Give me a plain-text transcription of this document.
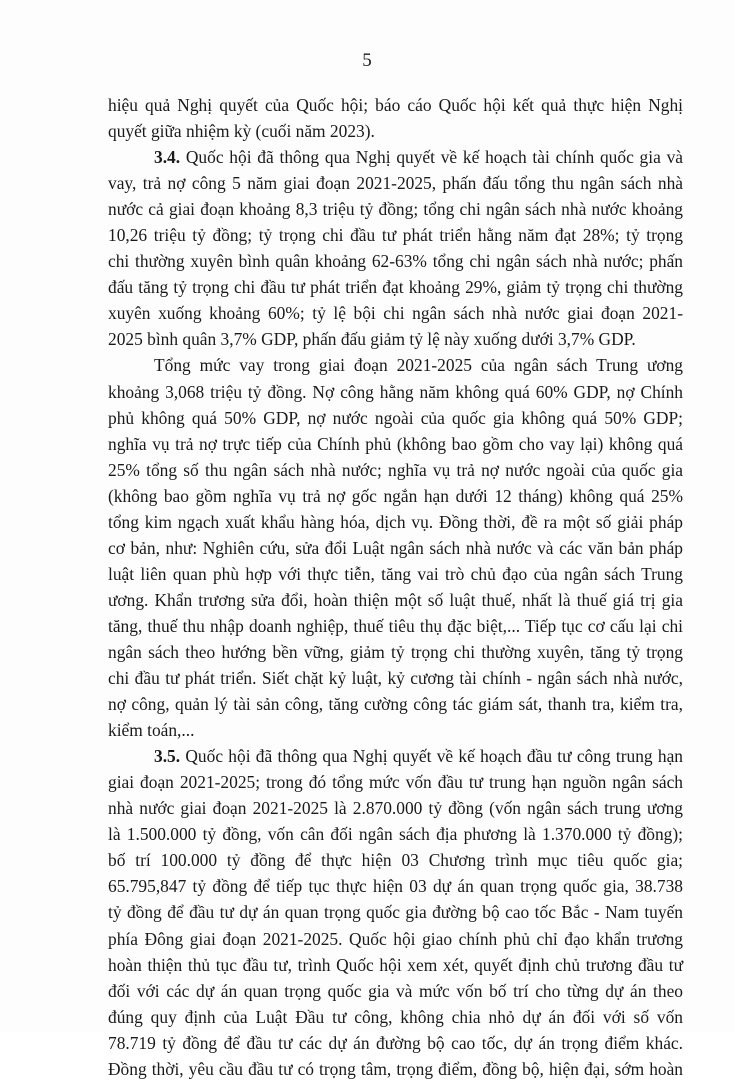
5
hiệu quả Nghị quyết của Quốc hội; báo cáo Quốc hội kết quả thực hiện Nghị
quyết giữa nhiệm kỳ (cuối năm 2023).
3.4. Quốc hội đã thông qua Nghị quyết về kế hoạch tài chính quốc gia và
vay, trả nợ công 5 năm giai đoạn 2021-2025, phấn đấu tổng thu ngân sách nhà
nước cả giai đoạn khoảng 8,3 triệu tỷ đồng; tổng chi ngân sách nhà nước khoảng
10,26 triệu tỷ đồng; tỷ trọng chi đầu tư phát triển hằng năm đạt 28%; tỷ trọng
chi thường xuyên bình quân khoảng 62-63% tổng chi ngân sách nhà nước; phấn
đấu tăng tỷ trọng chi đầu tư phát triển đạt khoảng 29%, giảm tỷ trọng chi thường
xuyên xuống khoảng 60%; tỷ lệ bội chi ngân sách nhà nước giai đoạn 2021-
2025 bình quân 3,7% GDP, phấn đấu giảm tỷ lệ này xuống dưới 3,7% GDP.
Tổng mức vay trong giai đoạn 2021-2025 của ngân sách Trung ương
khoảng 3,068 triệu tỷ đồng. Nợ công hằng năm không quá 60% GDP, nợ Chính
phủ không quá 50% GDP, nợ nước ngoài của quốc gia không quá 50% GDP;
nghĩa vụ trả nợ trực tiếp của Chính phủ (không bao gồm cho vay lại) không quá
25% tổng số thu ngân sách nhà nước; nghĩa vụ trả nợ nước ngoài của quốc gia
(không bao gồm nghĩa vụ trả nợ gốc ngắn hạn dưới 12 tháng) không quá 25%
tổng kim ngạch xuất khẩu hàng hóa, dịch vụ. Đồng thời, đề ra một số giải pháp
cơ bản, như: Nghiên cứu, sửa đổi Luật ngân sách nhà nước và các văn bản pháp
luật liên quan phù hợp với thực tiễn, tăng vai trò chủ đạo của ngân sách Trung
ương. Khẩn trương sửa đổi, hoàn thiện một số luật thuế, nhất là thuế giá trị gia
tăng, thuế thu nhập doanh nghiệp, thuế tiêu thụ đặc biệt,... Tiếp tục cơ cấu lại chi
ngân sách theo hướng bền vững, giảm tỷ trọng chi thường xuyên, tăng tỷ trọng
chi đầu tư phát triển. Siết chặt kỷ luật, kỷ cương tài chính - ngân sách nhà nước,
nợ công, quản lý tài sản công, tăng cường công tác giám sát, thanh tra, kiểm tra,
kiểm toán,...
3.5. Quốc hội đã thông qua Nghị quyết về kế hoạch đầu tư công trung hạn
giai đoạn 2021-2025; trong đó tổng mức vốn đầu tư trung hạn nguồn ngân sách
nhà nước giai đoạn 2021-2025 là 2.870.000 tỷ đồng (vốn ngân sách trung ương
là 1.500.000 tỷ đồng, vốn cân đối ngân sách địa phương là 1.370.000 tỷ đồng);
bố trí 100.000 tỷ đồng để thực hiện 03 Chương trình mục tiêu quốc gia;
65.795,847 tỷ đồng để tiếp tục thực hiện 03 dự án quan trọng quốc gia, 38.738
tỷ đồng để đầu tư dự án quan trọng quốc gia đường bộ cao tốc Bắc - Nam tuyến
phía Đông giai đoạn 2021-2025. Quốc hội giao chính phủ chỉ đạo khẩn trương
hoàn thiện thủ tục đầu tư, trình Quốc hội xem xét, quyết định chủ trương đầu tư
đối với các dự án quan trọng quốc gia và mức vốn bố trí cho từng dự án theo
đúng quy định của Luật Đầu tư công, không chia nhỏ dự án đối với số vốn
78.719 tỷ đồng để đầu tư các dự án đường bộ cao tốc, dự án trọng điểm khác.
Đồng thời, yêu cầu đầu tư có trọng tâm, trọng điểm, đồng bộ, hiện đại, sớm hoàn
